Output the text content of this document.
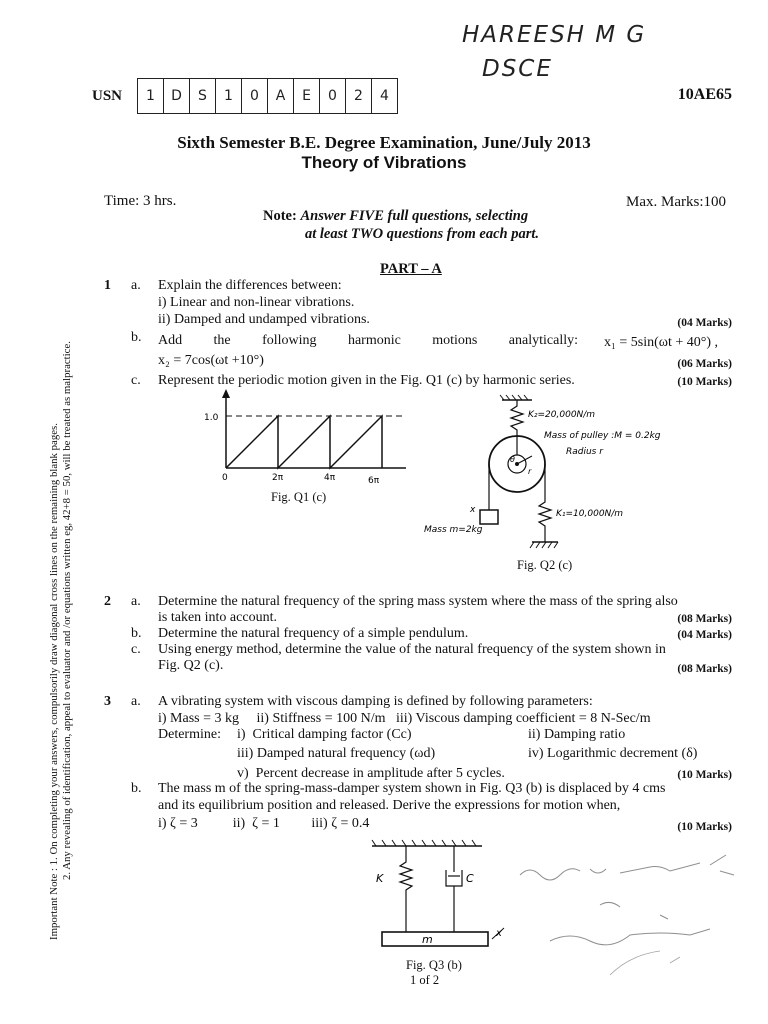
HAREESH M G
DSCE
USN	1	D	S	1	0	A	E	0	2	4	10AE65
Sixth Semester B.E. Degree Examination, June/July 2013
Theory of Vibrations
Time: 3 hrs.	Max. Marks:100
Note: Answer FIVE full questions, selecting
at least TWO questions from each part.
PART – A
1 a. Explain the differences between:
i) Linear and non-linear vibrations.
ii) Damped and undamped vibrations.	(04 Marks)
b. Add the following harmonic motions analytically: x₁ = 5sin(ωt + 40°) ,
x₂ = 7cos(ωt +10°)	(06 Marks)
c. Represent the periodic motion given in the Fig. Q1 (c) by harmonic series.	(10 Marks)
1.0
0	2π	4π	6π
Fig. Q1 (c)
K₂=20,000N/m
θ
r
Mass of pulley :M = 0.2kg
Radius r
x
Mass m=2kg
K₁=10,000N/m
Fig. Q2 (c)
2 a. Determine the natural frequency of the spring mass system where the mass of the spring also
is taken into account.	(08 Marks)
b. Determine the natural frequency of a simple pendulum.	(04 Marks)
c. Using energy method, determine the value of the natural frequency of the system shown in
Fig. Q2 (c).	(08 Marks)
3 a. A vibrating system with viscous damping is defined by following parameters:
i) Mass = 3 kg     ii) Stiffness = 100 N/m   iii) Viscous damping coefficient = 8 N-Sec/m
Determine: i)  Critical damping factor (Cc)	ii) Damping ratio
iii) Damped natural frequency (ωd)	iv) Logarithmic decrement (δ)
v)  Percent decrease in amplitude after 5 cycles.	(10 Marks)
b. The mass m of the spring-mass-damper system shown in Fig. Q3 (b) is displaced by 4 cms
and its equilibrium position and released. Derive the expressions for motion when,
i) ζ = 3          ii)  ζ = 1         iii) ζ = 0.4	(10 Marks)
K	C
m	x
Fig. Q3 (b)
1 of 2
Important Note : 1. On completing your answers, compulsorily draw diagonal cross lines on the remaining blank pages. 2. Any revealing of identification, appeal to evaluator and /or equations written eg, 42+8 = 50, will be treated as malpractice.
